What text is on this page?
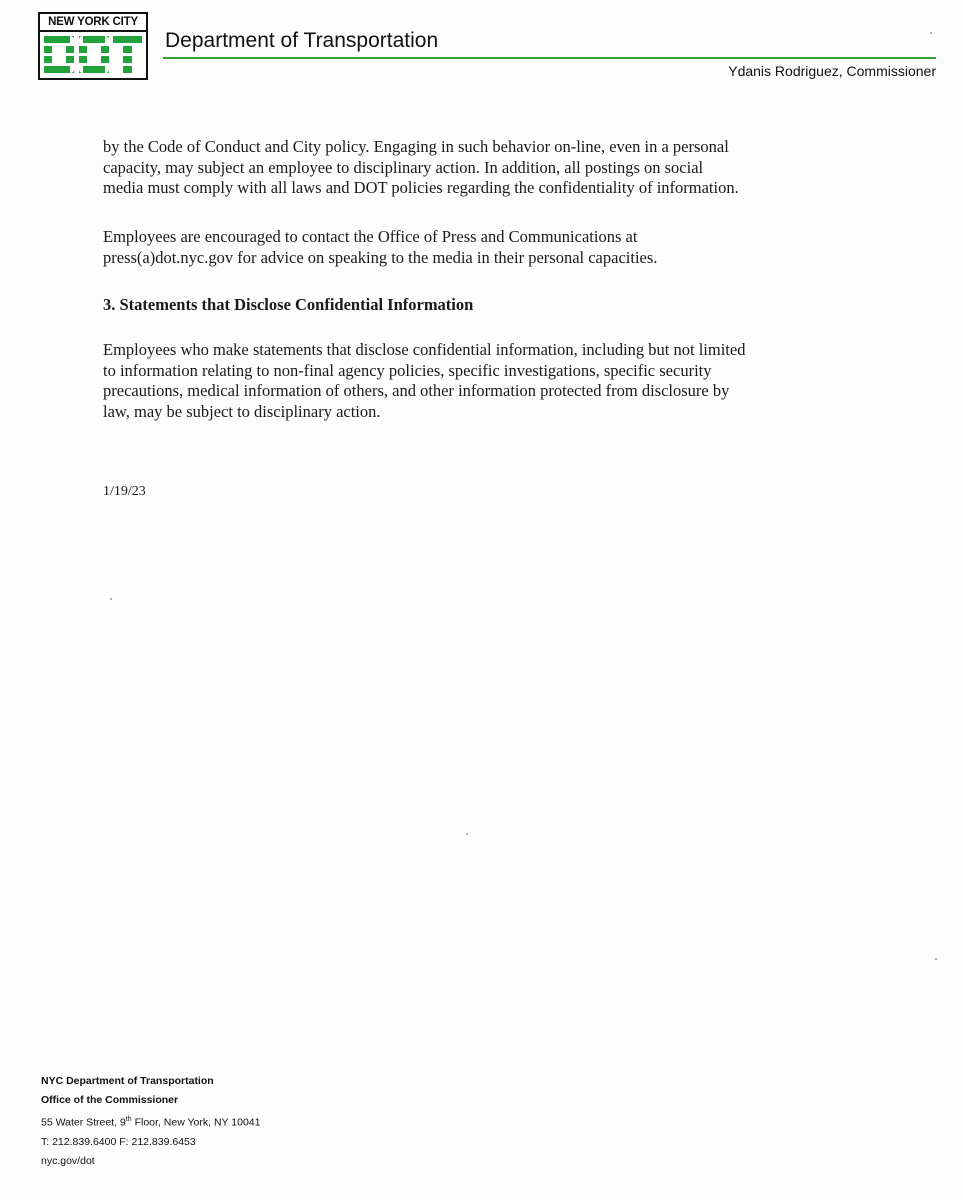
NEW YORK CITY
Department of Transportation
Ydanis Rodriguez, Commissioner
by the Code of Conduct and City policy. Engaging in such behavior on-line, even in a personal
capacity, may subject an employee to disciplinary action. In addition, all postings on social
media must comply with all laws and DOT policies regarding the confidentiality of information.
Employees are encouraged to contact the Office of Press and Communications at
press(a)dot.nyc.gov for advice on speaking to the media in their personal capacities.
3. Statements that Disclose Confidential Information
Employees who make statements that disclose confidential information, including but not limited
to information relating to non-final agency policies, specific investigations, specific security
precautions, medical information of others, and other information protected from disclosure by
law, may be subject to disciplinary action.
1/19/23
NYC Department of Transportation
Office of the Commissioner
55 Water Street, 9th Floor, New York, NY 10041
T: 212.839.6400 F: 212.839.6453
nyc.gov/dot
